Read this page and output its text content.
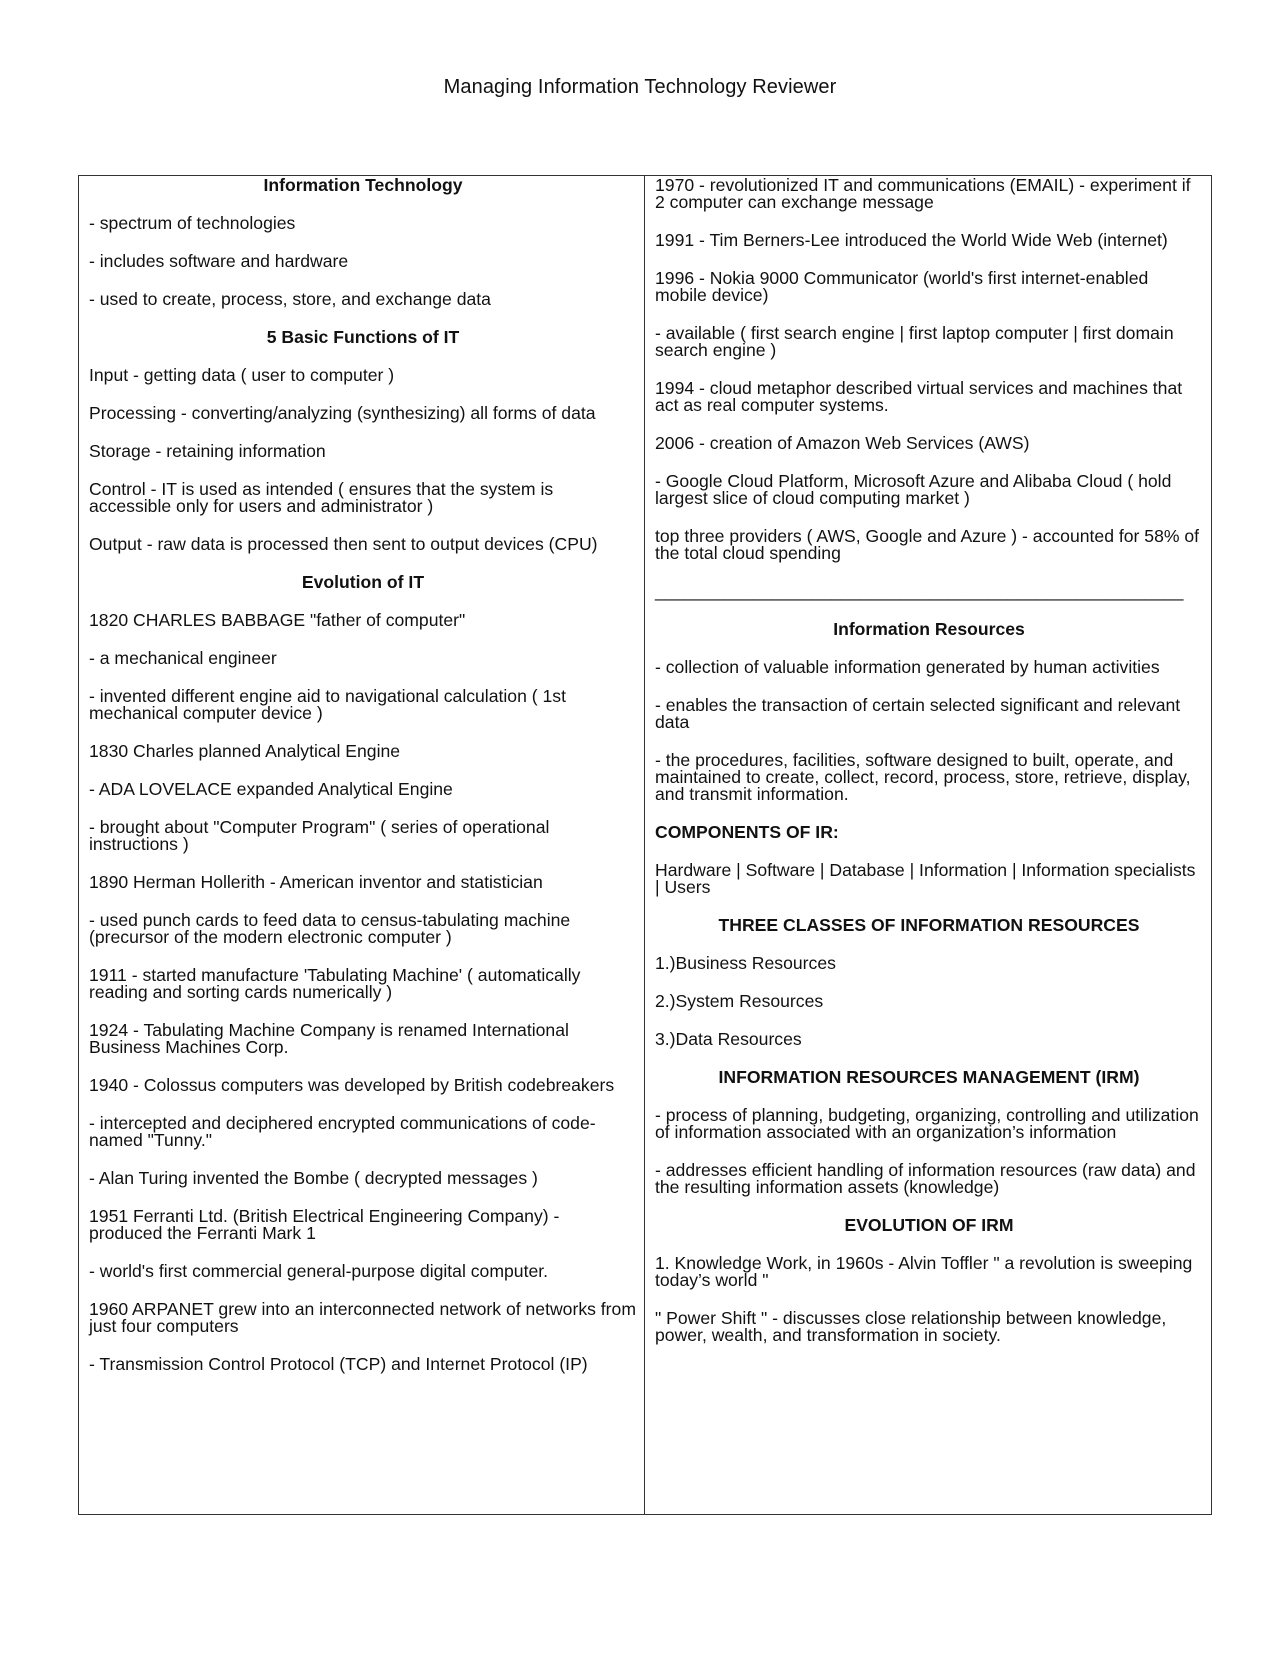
Managing Information Technology Reviewer

Information Technology

- spectrum of technologies

- includes software and hardware

- used to create, process, store, and exchange data

5 Basic Functions of IT

Input - getting data ( user to computer )

Processing - converting/analyzing (synthesizing) all forms of data

Storage - retaining information

Control - IT is used as intended ( ensures that the system is accessible only for users and administrator )

Output - raw data is processed then sent to output devices (CPU)

Evolution of IT

1820 CHARLES BABBAGE "father of computer"

- a mechanical engineer

- invented different engine aid to navigational calculation ( 1st mechanical computer device )

1830 Charles planned Analytical Engine

- ADA LOVELACE expanded Analytical Engine

- brought about "Computer Program" ( series of operational instructions )

1890 Herman Hollerith - American inventor and statistician

- used punch cards to feed data to census-tabulating machine (precursor of the modern electronic computer )

1911 - started manufacture 'Tabulating Machine' ( automatically reading and sorting cards numerically )

1924 - Tabulating Machine Company is renamed International Business Machines Corp.

1940 - Colossus computers was developed by British codebreakers

- intercepted and deciphered encrypted communications of code-named "Tunny."

- Alan Turing invented the Bombe ( decrypted messages )

1951 Ferranti Ltd. (British Electrical Engineering Company) - produced the Ferranti Mark 1

- world's first commercial general-purpose digital computer.

1960 ARPANET grew into an interconnected network of networks from just four computers

- Transmission Control Protocol (TCP) and Internet Protocol (IP)

1970 - revolutionized IT and communications (EMAIL) - experiment if 2 computer can exchange message

1991 - Tim Berners-Lee introduced the World Wide Web (internet)

1996 - Nokia 9000 Communicator (world's first internet-enabled mobile device)

- available ( first search engine | first laptop computer | first domain search engine )

1994 - cloud metaphor described virtual services and machines that act as real computer systems.

2006 - creation of Amazon Web Services (AWS)

- Google Cloud Platform, Microsoft Azure and Alibaba Cloud ( hold largest slice of cloud computing market )

top three providers ( AWS, Google and Azure ) - accounted for 58% of the total cloud spending

______________________________________________________

Information Resources

- collection of valuable information generated by human activities

- enables the transaction of certain selected significant and relevant data

- the procedures, facilities, software designed to built, operate, and maintained to create, collect, record, process, store, retrieve, display, and transmit information.

COMPONENTS OF IR:

Hardware | Software | Database | Information | Information specialists | Users

THREE CLASSES OF INFORMATION RESOURCES

1.)Business Resources

2.)System Resources

3.)Data Resources

INFORMATION RESOURCES MANAGEMENT (IRM)

- process of planning, budgeting, organizing, controlling and utilization of information associated with an organization’s information

- addresses efficient handling of information resources (raw data) and the resulting information assets (knowledge)

EVOLUTION OF IRM

1. Knowledge Work, in 1960s - Alvin Toffler " a revolution is sweeping today’s world "

" Power Shift " - discusses close relationship between knowledge, power, wealth, and transformation in society.
